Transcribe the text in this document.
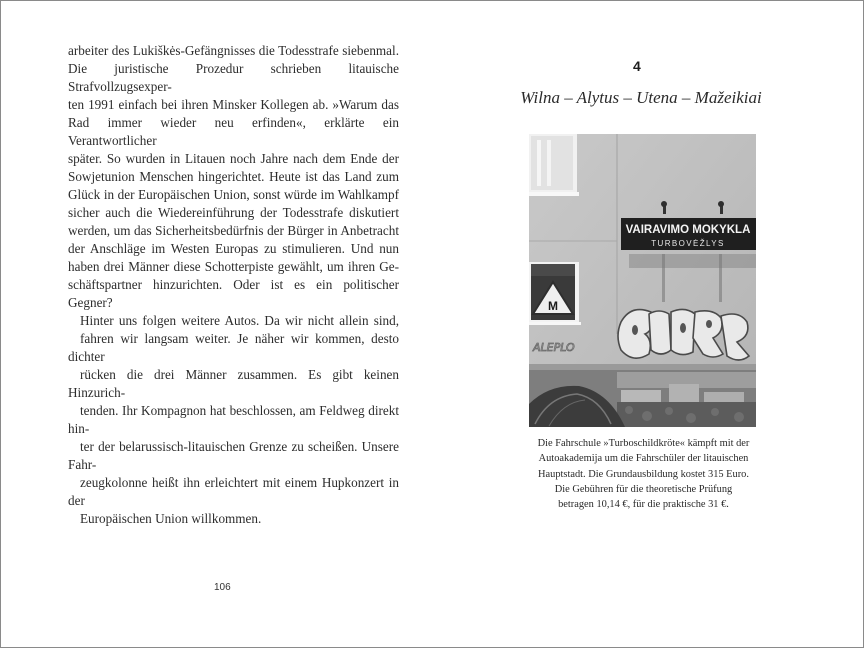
arbeiter des Lukiškės-Gefängnisses die Todesstrafe siebenmal.
Die juristische Prozedur schrieben litauische Strafvollzugsexper-
ten 1991 einfach bei ihren Minsker Kollegen ab. »Warum das
Rad immer wieder neu erfinden«, erklärte ein Verantwortlicher
später. So wurden in Litauen noch Jahre nach dem Ende der
Sowjetunion Menschen hingerichtet. Heute ist das Land zum
Glück in der Europäischen Union, sonst würde im Wahlkampf
sicher auch die Wiedereinführung der Todesstrafe diskutiert
werden, um das Sicherheitsbedürfnis der Bürger in Anbetracht
der Anschläge im Westen Europas zu stimulieren. Und nun
haben drei Männer diese Schotterpiste gewählt, um ihren Ge-
schäftspartner hinzurichten. Oder ist es ein politischer Gegner?

Hinter uns folgen weitere Autos. Da wir nicht allein sind,
fahren wir langsam weiter. Je näher wir kommen, desto dichter
rücken die drei Männer zusammen. Es gibt keinen Hinzurich-
tenden. Ihr Kompagnon hat beschlossen, am Feldweg direkt hin-
ter der belarussisch-litauischen Grenze zu scheißen. Unsere Fahr-
zeugkolonne heißt ihn erleichtert mit einem Hupkonzert in der
Europäischen Union willkommen.

106
4
Wilna – Alytus – Utena – Mažeikiai
VAIRAVIMO MOKYKLA
TURBOVĖŽLYS
M
ALEPLO
Die Fahrschule »Turboschildkröte« kämpft mit der
Autoakademija um die Fahrschüler der litauischen
Hauptstadt. Die Grundausbildung kostet 315 Euro.
Die Gebühren für die theoretische Prüfung
betragen 10,14 €, für die praktische 31 €.
